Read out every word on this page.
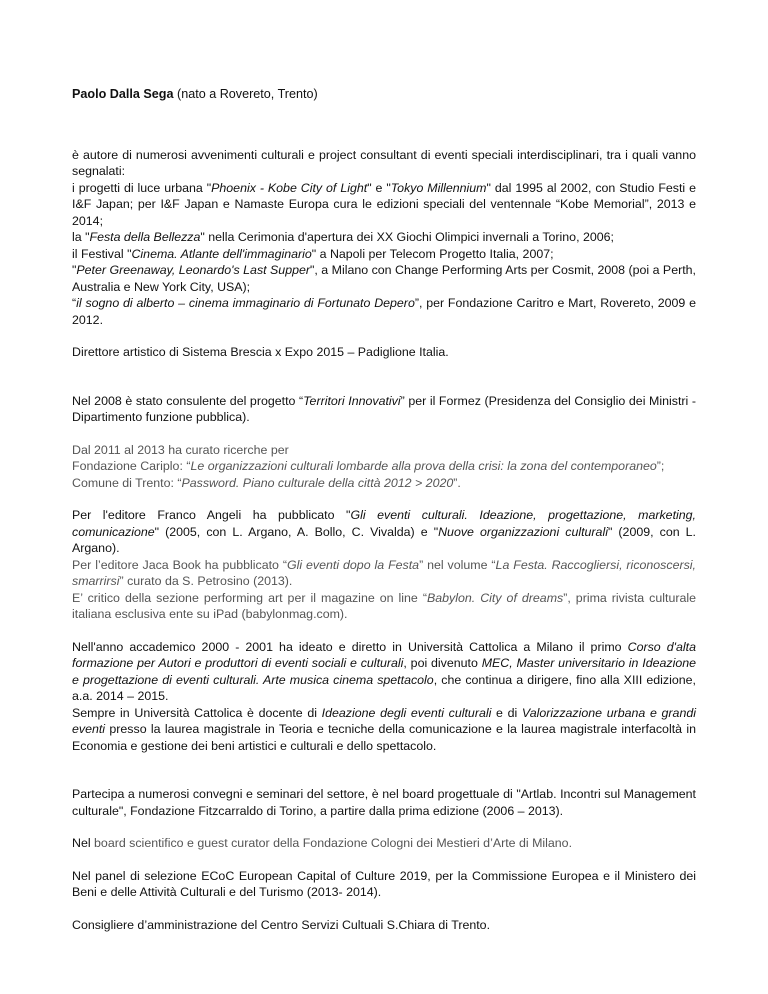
Paolo Dalla Sega (nato a Rovereto, Trento)

è autore di numerosi avvenimenti culturali e project consultant di eventi speciali interdisciplinari, tra i quali vanno segnalati:
i progetti di luce urbana "Phoenix - Kobe City of Light" e "Tokyo Millennium" dal 1995 al 2002, con Studio Festi e I&F Japan; per I&F Japan e Namaste Europa cura le edizioni speciali del ventennale “Kobe Memorial”, 2013 e 2014;
la "Festa della Bellezza" nella Cerimonia d'apertura dei XX Giochi Olimpici invernali a Torino, 2006;
il Festival "Cinema. Atlante dell'immaginario" a Napoli per Telecom Progetto Italia, 2007;
"Peter Greenaway, Leonardo's Last Supper", a Milano con Change Performing Arts per Cosmit, 2008 (poi a Perth, Australia e New York City, USA);
“il sogno di alberto – cinema immaginario di Fortunato Depero”, per Fondazione Caritro e Mart, Rovereto, 2009 e 2012.

Direttore artistico di Sistema Brescia x Expo 2015 – Padiglione Italia.

Nel 2008 è stato consulente del progetto “Territori Innovativi” per il Formez (Presidenza del Consiglio dei Ministri - Dipartimento funzione pubblica).

Dal 2011 al 2013 ha curato ricerche per
Fondazione Cariplo: “Le organizzazioni culturali lombarde alla prova della crisi: la zona del contemporaneo”;
Comune di Trento: “Password. Piano culturale della città 2012 > 2020”.

Per l'editore Franco Angeli ha pubblicato "Gli eventi culturali. Ideazione, progettazione, marketing, comunicazione" (2005, con L. Argano, A. Bollo, C. Vivalda) e "Nuove organizzazioni culturali" (2009, con L. Argano).
Per l’editore Jaca Book ha pubblicato “Gli eventi dopo la Festa” nel volume “La Festa. Raccogliersi, riconoscersi, smarrirsi” curato da S. Petrosino (2013).
E’ critico della sezione performing art per il magazine on line “Babylon. City of dreams”, prima rivista culturale italiana esclusiva ente su iPad (babylonmag.com).

Nell'anno accademico 2000 - 2001 ha ideato e diretto in Università Cattolica a Milano il primo Corso d'alta formazione per Autori e produttori di eventi sociali e culturali, poi divenuto MEC, Master universitario in Ideazione e progettazione di eventi culturali. Arte musica cinema spettacolo, che continua a dirigere, fino alla XIII edizione, a.a. 2014 – 2015.
Sempre in Università Cattolica è docente di Ideazione degli eventi culturali e di Valorizzazione urbana e grandi eventi presso la laurea magistrale in Teoria e tecniche della comunicazione e la laurea magistrale interfacoltà in Economia e gestione dei beni artistici e culturali e dello spettacolo.

Partecipa a numerosi convegni e seminari del settore, è nel board progettuale di "Artlab. Incontri sul Management culturale", Fondazione Fitzcarraldo di Torino, a partire dalla prima edizione (2006 – 2013).

Nel board scientifico e guest curator della Fondazione Cologni dei Mestieri d’Arte di Milano.

Nel panel di selezione ECoC European Capital of Culture 2019, per la Commissione Europea e il Ministero dei Beni e delle Attività Culturali e del Turismo (2013- 2014).

Consigliere d’amministrazione del Centro Servizi Cultuali S.Chiara di Trento.
